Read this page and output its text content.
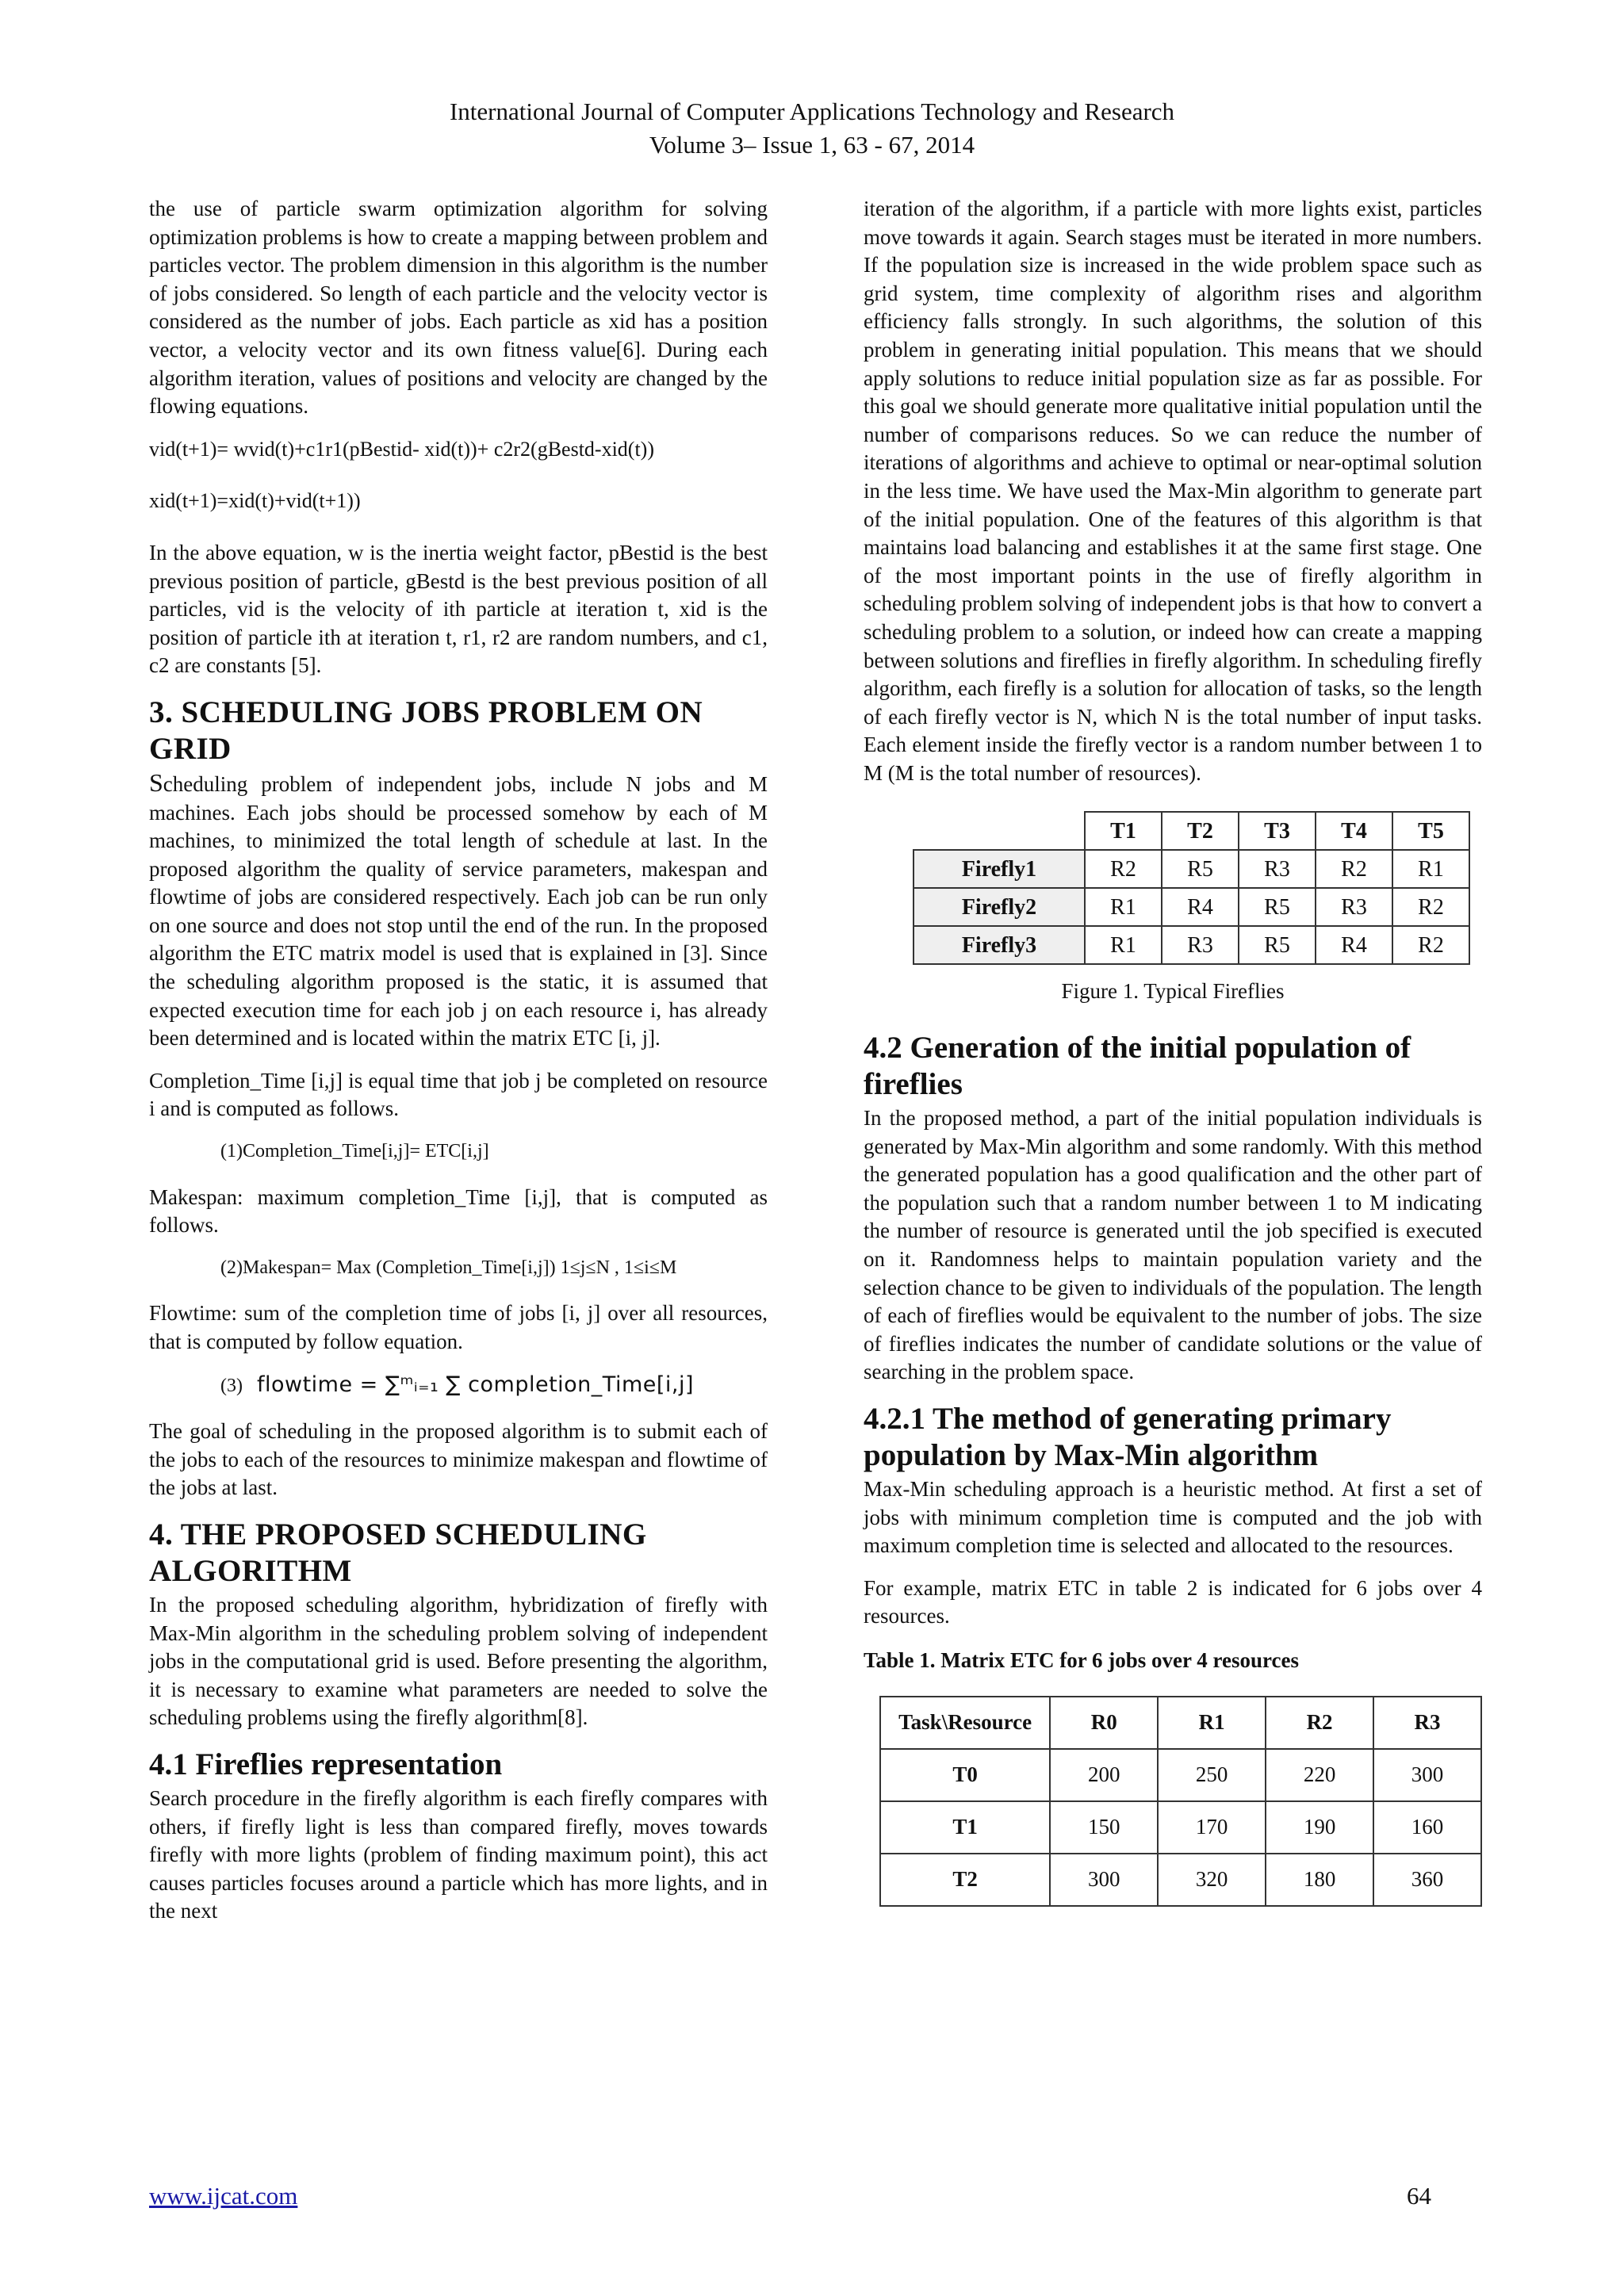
International Journal of Computer Applications Technology and Research
Volume 3– Issue 1, 63 - 67, 2014

the use of particle swarm optimization algorithm for solving optimization problems is how to create a mapping between problem and particles vector. The problem dimension in this algorithm is the number of jobs considered. So length of each particle and the velocity vector is considered as the number of jobs. Each particle as xid has a position vector, a velocity vector and its own fitness value[6]. During each algorithm iteration, values of positions and velocity are changed by the flowing equations.

vid(t+1)= wvid(t)+c1r1(pBestid- xid(t))+ c2r2(gBestd-xid(t))
xid(t+1)=xid(t)+vid(t+1))

In the above equation, w is the inertia weight factor, pBestid is the best previous position of particle, gBestd is the best previous position of all particles, vid is the velocity of ith particle at iteration t, xid is the position of particle ith at iteration t, r1, r2 are random numbers, and c1, c2 are constants [5].

3. SCHEDULING JOBS PROBLEM ON GRID

Scheduling problem of independent jobs, include N jobs and M machines. Each jobs should be processed somehow by each of M machines, to minimized the total length of schedule at last. In the proposed algorithm the quality of service parameters, makespan and flowtime of jobs are considered respectively. Each job can be run only on one source and does not stop until the end of the run. In the proposed algorithm the ETC matrix model is used that is explained in [3]. Since the scheduling algorithm proposed is the static, it is assumed that expected execution time for each job j on each resource i, has already been determined and is located within the matrix ETC [i, j].

Completion_Time [i,j] is equal time that job j be completed on resource i and is computed as follows.

(1)Completion_Time[i,j]= ETC[i,j]

Makespan: maximum completion_Time [i,j], that is computed as follows.

(2)Makespan= Max (Completion_Time[i,j]) 1≤j≤N , 1≤i≤M

Flowtime: sum of the completion time of jobs [i, j] over all resources, that is computed by follow equation.

(3) flowtime = ∑ᵐᵢ₌₁ ∑ completion_Time[i,j]

The goal of scheduling in the proposed algorithm is to submit each of the jobs to each of the resources to minimize makespan and flowtime of the jobs at last.

4. THE PROPOSED SCHEDULING ALGORITHM

In the proposed scheduling algorithm, hybridization of firefly with Max-Min algorithm in the scheduling problem solving of independent jobs in the computational grid is used. Before presenting the algorithm, it is necessary to examine what parameters are needed to solve the scheduling problems using the firefly algorithm[8].

4.1 Fireflies representation

Search procedure in the firefly algorithm is each firefly compares with others, if firefly light is less than compared firefly, moves towards firefly with more lights (problem of finding maximum point), this act causes particles focuses around a particle which has more lights, and in the next

iteration of the algorithm, if a particle with more lights exist, particles move towards it again. Search stages must be iterated in more numbers. If the population size is increased in the wide problem space such as grid system, time complexity of algorithm rises and algorithm efficiency falls strongly. In such algorithms, the solution of this problem in generating initial population. This means that we should apply solutions to reduce initial population size as far as possible. For this goal we should generate more qualitative initial population until the number of comparisons reduces. So we can reduce the number of iterations of algorithms and achieve to optimal or near-optimal solution in the less time. We have used the Max-Min algorithm to generate part of the initial population. One of the features of this algorithm is that maintains load balancing and establishes it at the same first stage. One of the most important points in the use of firefly algorithm in scheduling problem solving of independent jobs is that how to convert a scheduling problem to a solution, or indeed how can create a mapping between solutions and fireflies in firefly algorithm. In scheduling firefly algorithm, each firefly is a solution for allocation of tasks, so the length of each firefly vector is N, which N is the total number of input tasks. Each element inside the firefly vector is a random number between 1 to M (M is the total number of resources).

	T1	T2	T3	T4	T5
Firefly1	R2	R5	R3	R2	R1
Firefly2	R1	R4	R5	R3	R2
Firefly3	R1	R3	R5	R4	R2
Figure 1. Typical Fireflies
4.2 Generation of the initial population of fireflies

In the proposed method, a part of the initial population individuals is generated by Max-Min algorithm and some randomly. With this method the generated population has a good qualification and the other part of the population such that a random number between 1 to M indicating the number of resource is generated until the job specified is executed on it. Randomness helps to maintain population variety and the selection chance to be given to individuals of the population. The length of each of fireflies would be equivalent to the number of jobs. The size of fireflies indicates the number of candidate solutions or the value of searching in the problem space.

4.2.1 The method of generating primary population by Max-Min algorithm

Max-Min scheduling approach is a heuristic method. At first a set of jobs with minimum completion time is computed and the job with maximum completion time is selected and allocated to the resources.

For example, matrix ETC in table 2 is indicated for 6 jobs over 4 resources.

Table 1. Matrix ETC for 6 jobs over 4 resources
Task\Resource	R0	R1	R2	R3
T0	200	250	220	300
T1	150	170	190	160
T2	300	320	180	360
www.ijcat.com	64
